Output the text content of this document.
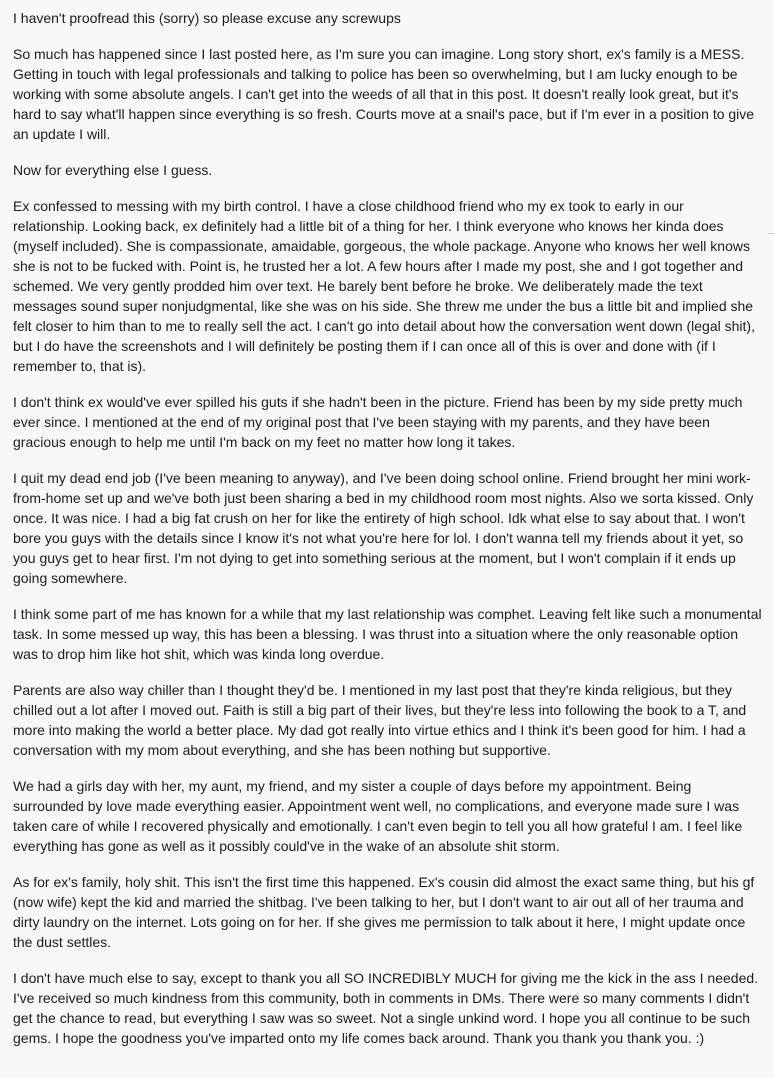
I haven't proofread this (sorry) so please excuse any screwups

So much has happened since I last posted here, as I'm sure you can imagine. Long story short, ex's family is a MESS. Getting in touch with legal professionals and talking to police has been so overwhelming, but I am lucky enough to be working with some absolute angels. I can't get into the weeds of all that in this post. It doesn't really look great, but it's hard to say what'll happen since everything is so fresh. Courts move at a snail's pace, but if I'm ever in a position to give an update I will.

Now for everything else I guess.

Ex confessed to messing with my birth control. I have a close childhood friend who my ex took to early in our relationship. Looking back, ex definitely had a little bit of a thing for her. I think everyone who knows her kinda does (myself included). She is compassionate, amaidable, gorgeous, the whole package. Anyone who knows her well knows she is not to be fucked with. Point is, he trusted her a lot. A few hours after I made my post, she and I got together and schemed. We very gently prodded him over text. He barely bent before he broke. We deliberately made the text messages sound super nonjudgmental, like she was on his side. She threw me under the bus a little bit and implied she felt closer to him than to me to really sell the act. I can't go into detail about how the conversation went down (legal shit), but I do have the screenshots and I will definitely be posting them if I can once all of this is over and done with (if I remember to, that is).

I don't think ex would've ever spilled his guts if she hadn't been in the picture. Friend has been by my side pretty much ever since. I mentioned at the end of my original post that I've been staying with my parents, and they have been gracious enough to help me until I'm back on my feet no matter how long it takes.

I quit my dead end job (I've been meaning to anyway), and I've been doing school online. Friend brought her mini work-from-home set up and we've both just been sharing a bed in my childhood room most nights. Also we sorta kissed. Only once. It was nice. I had a big fat crush on her for like the entirety of high school. Idk what else to say about that. I won't bore you guys with the details since I know it's not what you're here for lol. I don't wanna tell my friends about it yet, so you guys get to hear first. I'm not dying to get into something serious at the moment, but I won't complain if it ends up going somewhere.

I think some part of me has known for a while that my last relationship was comphet. Leaving felt like such a monumental task. In some messed up way, this has been a blessing. I was thrust into a situation where the only reasonable option was to drop him like hot shit, which was kinda long overdue.

Parents are also way chiller than I thought they'd be. I mentioned in my last post that they're kinda religious, but they chilled out a lot after I moved out. Faith is still a big part of their lives, but they're less into following the book to a T, and more into making the world a better place. My dad got really into virtue ethics and I think it's been good for him. I had a conversation with my mom about everything, and she has been nothing but supportive.

We had a girls day with her, my aunt, my friend, and my sister a couple of days before my appointment. Being surrounded by love made everything easier. Appointment went well, no complications, and everyone made sure I was taken care of while I recovered physically and emotionally. I can't even begin to tell you all how grateful I am. I feel like everything has gone as well as it possibly could've in the wake of an absolute shit storm.

As for ex's family, holy shit. This isn't the first time this happened. Ex's cousin did almost the exact same thing, but his gf (now wife) kept the kid and married the shitbag. I've been talking to her, but I don't want to air out all of her trauma and dirty laundry on the internet. Lots going on for her. If she gives me permission to talk about it here, I might update once the dust settles.

I don't have much else to say, except to thank you all SO INCREDIBLY MUCH for giving me the kick in the ass I needed. I've received so much kindness from this community, both in comments in DMs. There were so many comments I didn't get the chance to read, but everything I saw was so sweet. Not a single unkind word. I hope you all continue to be such gems. I hope the goodness you've imparted onto my life comes back around. Thank you thank you thank you. :)
